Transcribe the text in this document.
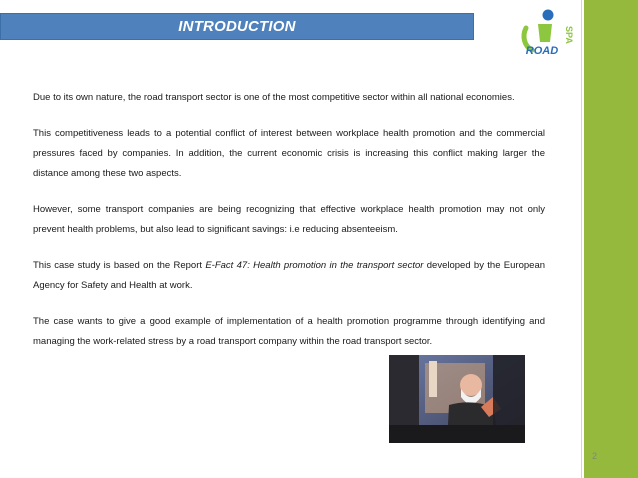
INTRODUCTION
ROAD
SPA

Due to its own nature, the road transport sector is one of the most competitive sector within all national economies.

This competitiveness leads to a potential conflict of interest between workplace health promotion and the commercial pressures faced by companies. In addition, the current economic crisis is increasing this conflict making larger the distance among these two aspects.

However, some transport companies are being recognizing that effective workplace health promotion may not only prevent health problems, but also lead to significant savings: i.e reducing absenteeism.

This case study is based on the Report E-Fact 47: Health promotion in the transport sector developed by the European Agency for Safety and Health at work.

The case wants to give a good example of implementation of a health promotion programme through identifying and managing the work-related stress by a road transport company within the road transport sector.

2
